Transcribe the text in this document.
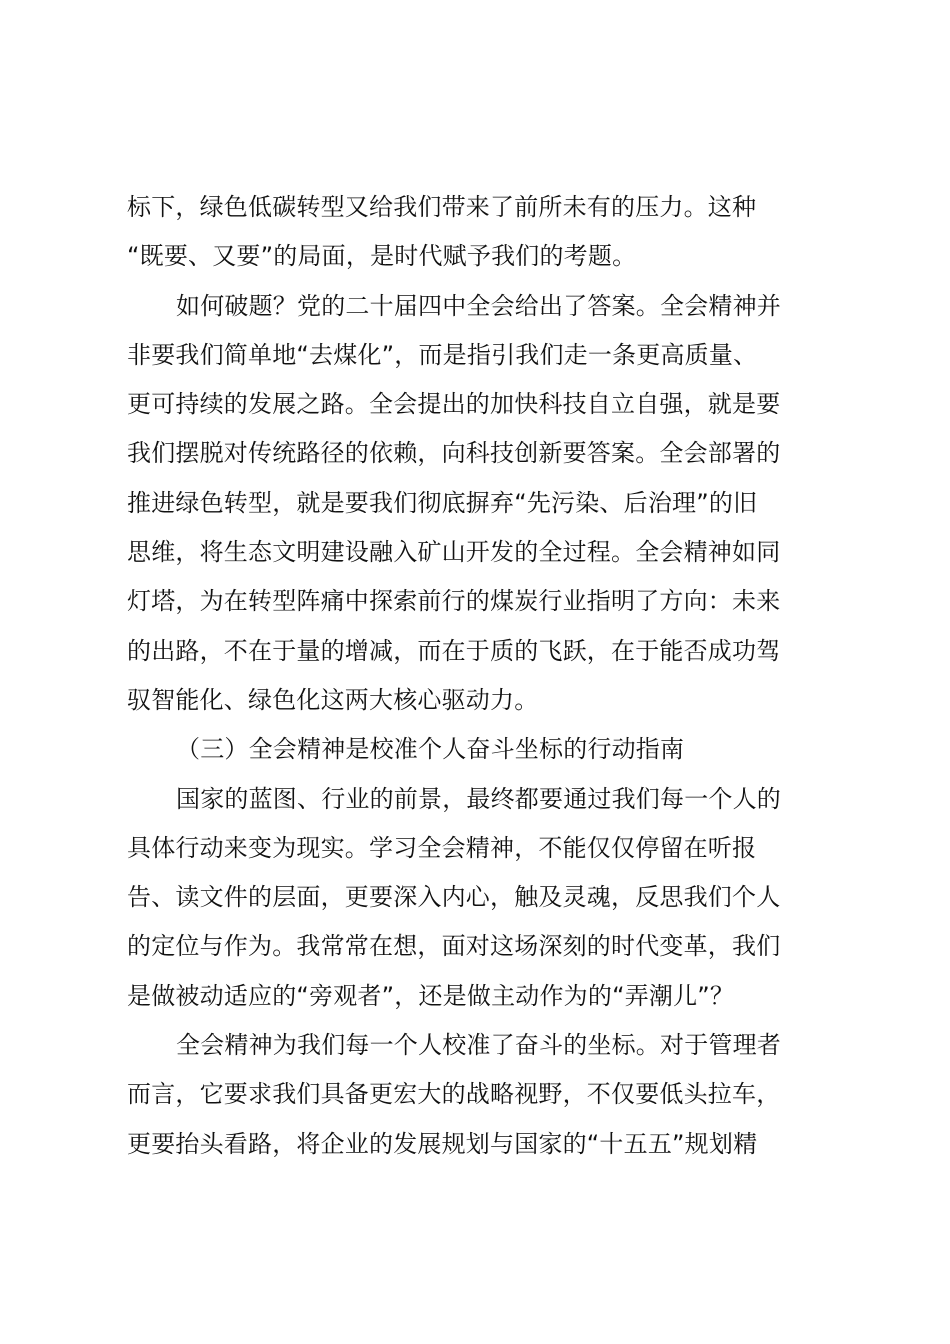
标下，绿色低碳转型又给我们带来了前所未有的压力。这种
“既要、又要”的局面，是时代赋予我们的考题。
如何破题？党的二十届四中全会给出了答案。全会精神并
非要我们简单地“去煤化”，而是指引我们走一条更高质量、
更可持续的发展之路。全会提出的加快科技自立自强，就是要
我们摆脱对传统路径的依赖，向科技创新要答案。全会部署的
推进绿色转型，就是要我们彻底摒弃“先污染、后治理”的旧
思维，将生态文明建设融入矿山开发的全过程。全会精神如同
灯塔，为在转型阵痛中探索前行的煤炭行业指明了方向：未来
的出路，不在于量的增减，而在于质的飞跃，在于能否成功驾
驭智能化、绿色化这两大核心驱动力。
（三）全会精神是校准个人奋斗坐标的行动指南
国家的蓝图、行业的前景，最终都要通过我们每一个人的
具体行动来变为现实。学习全会精神，不能仅仅停留在听报
告、读文件的层面，更要深入内心，触及灵魂，反思我们个人
的定位与作为。我常常在想，面对这场深刻的时代变革，我们
是做被动适应的“旁观者”，还是做主动作为的“弄潮儿”？
全会精神为我们每一个人校准了奋斗的坐标。对于管理者
而言，它要求我们具备更宏大的战略视野，不仅要低头拉车，
更要抬头看路，将企业的发展规划与国家的“十五五”规划精
